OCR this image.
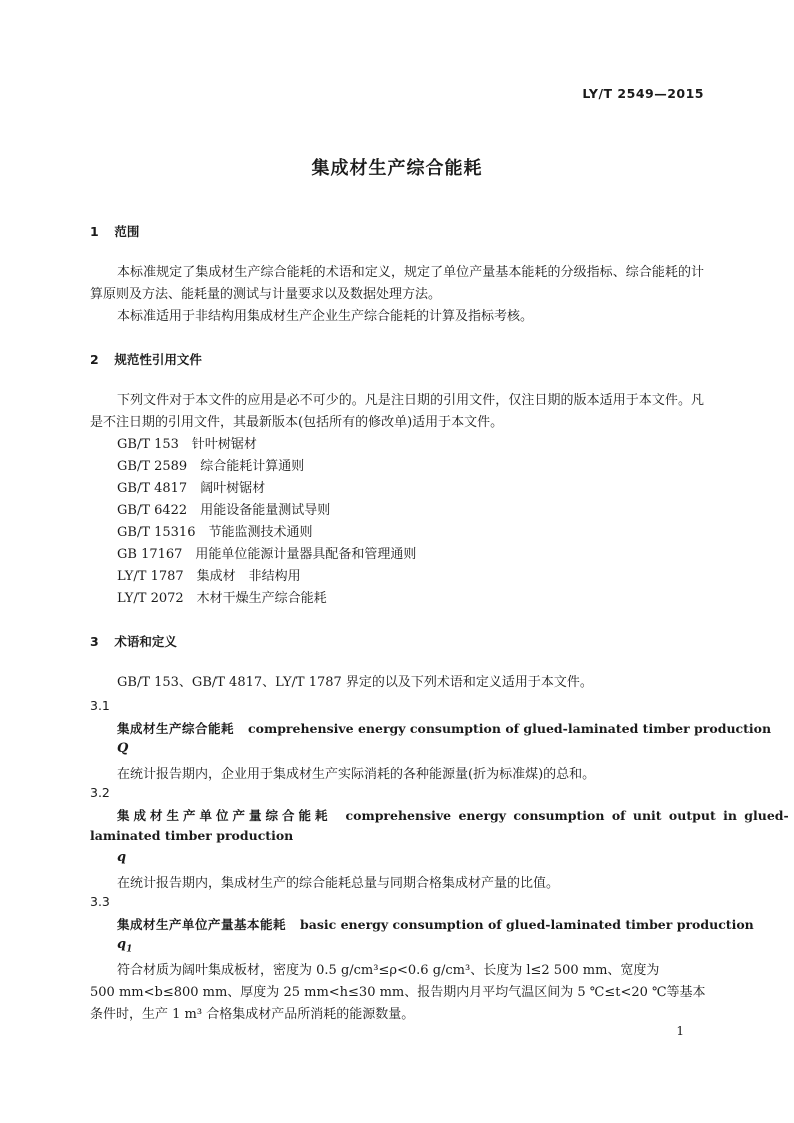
LY/T 2549—2015
集成材生产综合能耗
1 范围
本标准规定了集成材生产综合能耗的术语和定义，规定了单位产量基本能耗的分级指标、综合能耗的计算原则及方法、能耗量的测试与计量要求以及数据处理方法。
本标准适用于非结构用集成材生产企业生产综合能耗的计算及指标考核。
2 规范性引用文件
下列文件对于本文件的应用是必不可少的。凡是注日期的引用文件，仅注日期的版本适用于本文件。凡是不注日期的引用文件，其最新版本(包括所有的修改单)适用于本文件。
GB/T 153　针叶树锯材
GB/T 2589　综合能耗计算通则
GB/T 4817　阔叶树锯材
GB/T 6422　用能设备能量测试导则
GB/T 15316　节能监测技术通则
GB 17167　用能单位能源计量器具配备和管理通则
LY/T 1787　集成材　非结构用
LY/T 2072　木材干燥生产综合能耗
3 术语和定义
GB/T 153、GB/T 4817、LY/T 1787 界定的以及下列术语和定义适用于本文件。
3.1
集成材生产综合能耗 comprehensive energy consumption of glued-laminated timber production
Q
在统计报告期内，企业用于集成材生产实际消耗的各种能源量(折为标准煤)的总和。
3.2
集成材生产单位产量综合能耗 comprehensive energy consumption of unit output in glued-
laminated timber production
q
在统计报告期内，集成材生产的综合能耗总量与同期合格集成材产量的比值。
3.3
集成材生产单位产量基本能耗 basic energy consumption of glued-laminated timber production
$q_1$
符合材质为阔叶集成板材，密度为 0.5 g/cm³≤ρ<0.6 g/cm³、长度为 l≤2 500 mm、宽度为
500 mm<b≤800 mm、厚度为 25 mm<h≤30 mm、报告期内月平均气温区间为 5 ℃≤t<20 ℃等基本
条件时，生产 1 m³ 合格集成材产品所消耗的能源数量。
1
